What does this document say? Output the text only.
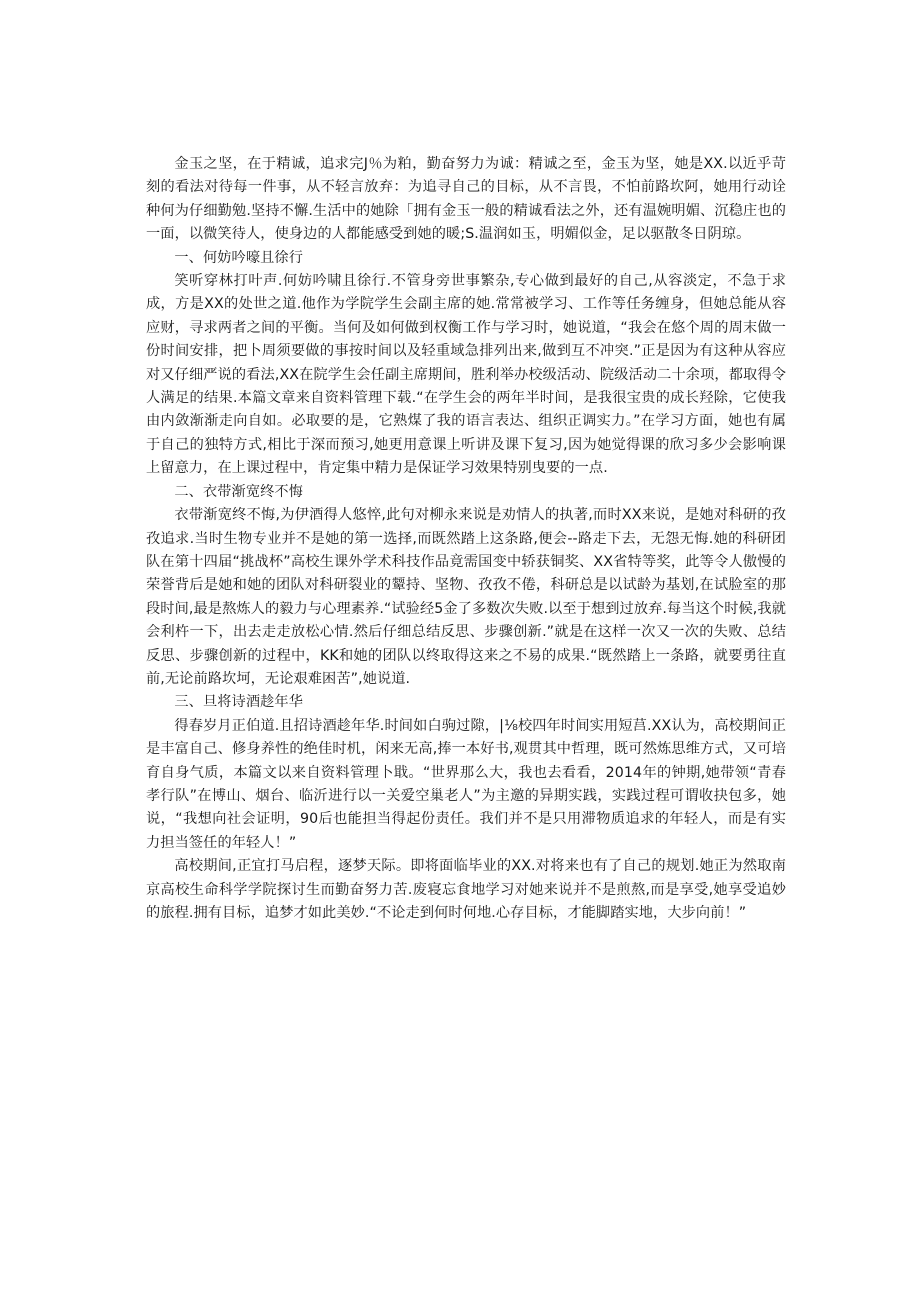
金玉之坚，在于精诚，追求完J％为粕，勤奋努力为诚：精诚之至，金玉为坚，她是XX.以近乎苛刻的看法对待每一件事，从不轻言放弃：为追寻自己的目标，从不言畏，不怕前路坎阿，她用行动诠种何为仔细勤勉.坚持不懈.生活中的她除「拥有金玉一般的精诚看法之外，还有温婉明媚、沉稳庄也的一面，以微笑待人，使身边的人都能感受到她的暖;S.温润如玉，明媚似金，足以驱散冬日阴琼。

一、何妨吟嚎且徐行

笑听穿林打叶声.何妨吟啸且徐行.不管身旁世事繁杂,专心做到最好的自己,从容淡定，不急于求成，方是XX的处世之道.他作为学院学生会副主席的她.常常被学习、工作等任务缠身，但她总能从容应财，寻求两者之间的平衡。当何及如何做到权衡工作与学习时，她说道，“我会在悠个周的周末做一份时间安排，把卜周须要做的事按时间以及轻重域急排列出来,做到互不冲突.”正是因为有这种从容应对又仔细严说的看法,XX在院学生会任副主席期间，胜利举办校级活动、院级活动二十余项，都取得令人满足的结果.本篇文章来自资料管理下载.“在学生会的两年半时间，是我很宝贵的成长羟除，它使我由内敛渐渐走向自如。必取要的是，它熟煤了我的语言表达、组织正调实力。”在学习方面，她也有属于自己的独特方式,相比于深而预习,她更用意课上听讲及课下复习,因为她觉得课的欣习多少会影响课上留意力，在上课过程中，肯定集中精力是保证学习效果特别曳要的一点.

二、衣带渐宽终不悔

衣带渐宽终不悔,为伊酒得人悠悴,此句对柳永来说是劝情人的执著,而时XX来说，是她对科研的孜孜追求.当时生物专业并不是她的第一选择,而既然踏上这条路,便会--路走下去，无怨无悔.她的科研团队在第十四届“挑战杯”高校生课外学术科技作品竟需国变中轿获铜奖、XX省特等奖，此等令人傲慢的荣誉背后是她和她的团队对科研裂业的颦持、坚物、孜孜不倦，科研总是以试龄为基划,在试脸室的那段时间,最是熬炼人的毅力与心理素养.“试验经5金了多数次失败.以至于想到过放弃.每当这个时候,我就会利杵一下，出去走走放松心情.然后仔细总结反思、步骤创新.”就是在这样一次又一次的失败、总结反思、步骤创新的过程中，KK和她的团队以终取得这来之不易的成果.“既然踏上一条路，就要勇往直前,无论前路坎坷，无论艰难困苦”,她说道.

三、旦将诗酒趁年华

得春岁月正伯道.且招诗酒趁年华.时间如白驹过隙，|⅛校四年时间实用短莒.XX认为，高校期间正是丰富自己、修身养性的绝佳时机，闲来无高,捧一本好书,观贯其中哲理，既可然炼思维方式，又可培育自身气质，本篇文以来自资料管理卜戢。“世界那么大，我也去看看，2014年的钟期,她带领“青春孝行队”在博山、烟台、临沂进行以一关爱空巢老人”为主邀的异期实践，实践过程可谓收抉包多，她说，“我想向社会证明，90后也能担当得起份责任。我们并不是只用滞物质追求的年轻人，而是有实力担当签任的年轻人！”

高校期间,正宜打马启程，逐梦天际。即将面临毕业的XX.对将来也有了自己的规划.她正为然取南京高校生命科学学院探讨生而勤奋努力苦.废寝忘食地学习对她来说并不是煎熬,而是享受,她享受追妙的旅程.拥有目标，追梦才如此美妙.“不论走到何时何地.心存目标，才能脚踏实地，大步向前！”
